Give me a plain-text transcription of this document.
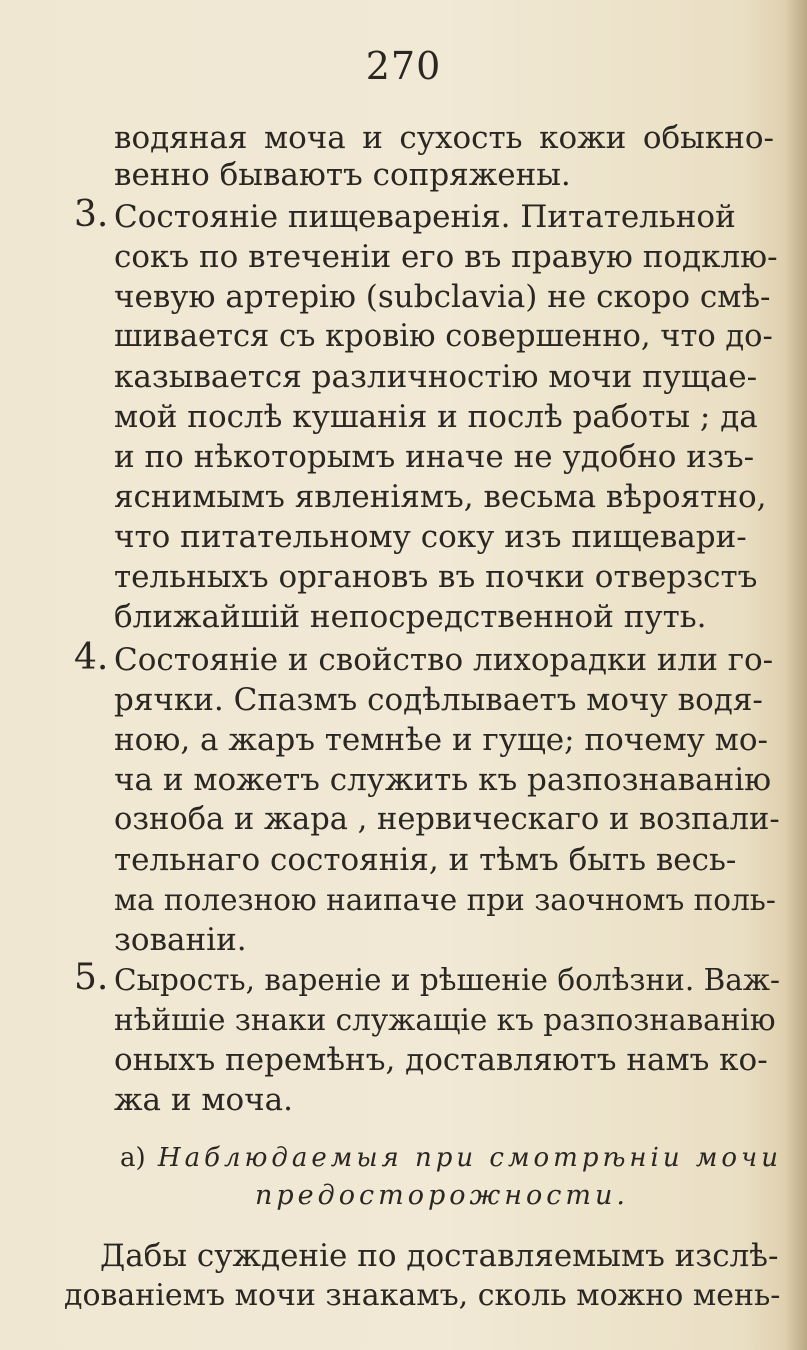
270
водяная моча и сухость кожи обыкно-
венно бываютъ сопряжены.
3. Состоянie пищеваренiя. Питательной
сокъ по втеченiи его въ правую подклю-
чевую артерiю (subclavia) не скоро смѣ-
шивается съ кровiю совершенно, что до-
казывается различностiю мочи пущае-
мой послѣ кушанiя и послѣ работы ; да
и по нѣкоторымъ иначе не удобно изъ-
яснимымъ явленiямъ, весьма вѣроятно,
что питательному соку изъ пищевари-
тельныхъ органовъ въ почки отверзстъ
ближайшiй непосредственной путь.
4. Состоянie и свойство лихорадки или го-
рячки. Спазмъ содѣлываетъ мочу водя-
ною, а жаръ темнѣе и гуще; почему мо-
ча и можетъ служить къ разпознаванiю
озноба и жара , нервическаго и возпали-
тельнаго состоянiя, и тѣмъ быть весь-
ма полезною наипаче при заочномъ поль-
зованiи.
5. Сырость, варенie и рѣшенie болѣзни. Важ-
нѣйшiе знаки служащiе къ разпознаванiю
оныхъ перемѣнъ, доставляютъ намъ ко-
жа и моча.
a) Наблюдаемыя при смотрѣнiи мочи
предосторожности.
Дабы сужденie по доставляемымъ изслѣ-
дованieмъ мочи знакамъ, сколь можно мень-
